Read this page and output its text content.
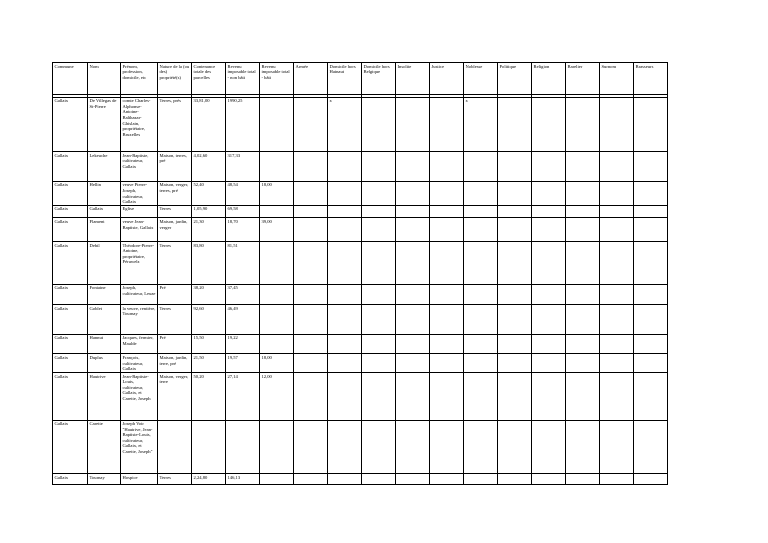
Commune	Nom	Prénom, profession, domicile, etc	Nature de la (ou des) propriété(s)	Contenance totale des parcelles	Revenu imposable total - non bâti	Revenu imposable total - bâti	Armée	Domicile hors Hainaut	Domicile hors Belgique	Insolite	Justice	Noblesse	Politique	Religion	Barelier	Surnom	Brasseurs

Gallaix	De Villegas de St-Pierre	comte Charles-Alphonse-Antoine-Balthazar-Ghislain, propriétaire, Bruxelles	Terres, prés	33,81,00	1990,25			x				x					
Gallaix	Lekeuche	Jean-Baptiste, cultivateur, Gallaix	Maison, terres, pré	4,02,60	317,33												
Gallaix	Hellin	veuve Pierre-Joseph, cultivateur, Gallaix	Maison, verger, terres, pré	52,40	48,54	18,00											
Gallaix	Gallaix	Eglise	Terres	1,05,90	69,58												
Gallaix	Flament	veuve Jean-Baptiste, Gallaix	Maison, jardin, verger	21,30	18,70	39,00											
Gallaix	Debil	Théodore-Pierre-Antoine, propriétaire, Péruwelz	Terres	83,80	81,51												
Gallaix	Fontaine	Joseph, cultivateur, Leuze	Pré	38,20	37,45												
Gallaix	Goblet	la veuve, rentière, Tournay	Terres	92,60	46,49												
Gallaix	Hannut	Jacques, fermier, Maulde	Pré	15,50	19,22												
Gallaix	Duplus	François, cultivateur, Gallaix	Maison, jardin, terre, pré	21,50	19,57	18,00											
Gallaix	Hautrive	Jean-Baptiste-Louis, cultivateur, Gallaix, et Carette, Joseph	Maison, verger, terre	50,20	27,14	12,00											
Gallaix	Carette	Joseph Voir "Hautrive, Jean-Baptiste-Louis, cultivateur, Gallaix, et Carette, Joseph"															
Gallaix	Tournay	Hospice	Terres	2,24,80	146,13												
